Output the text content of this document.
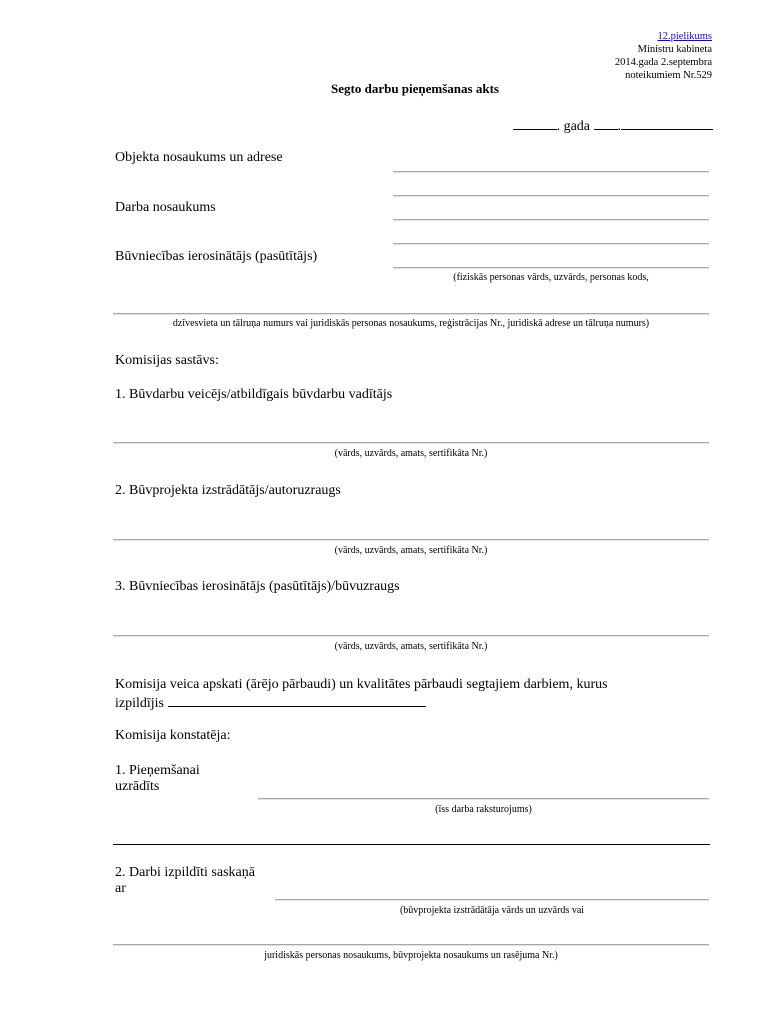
12.pielikums
Ministru kabineta
2014.gada 2.septembra
noteikumiem Nr.529
Segto darbu pieņemšanas akts
. gada .
Objekta nosaukums un adrese
Darba nosaukums
Būvniecības ierosinātājs (pasūtītājs)
(fiziskās personas vārds, uzvārds, personas kods,
dzīvesvieta un tālruņa numurs vai juridiskās personas nosaukums, reģistrācijas Nr., juridiskā adrese un tālruņa numurs)
Komisijas sastāvs:
1. Būvdarbu veicējs/atbildīgais būvdarbu vadītājs
(vārds, uzvārds, amats, sertifikāta Nr.)
2. Būvprojekta izstrādātājs/autoruzraugs
(vārds, uzvārds, amats, sertifikāta Nr.)
3. Būvniecības ierosinātājs (pasūtītājs)/būvuzraugs
(vārds, uzvārds, amats, sertifikāta Nr.)
Komisija veica apskati (ārējo pārbaudi) un kvalitātes pārbaudi segtajiem darbiem, kurus
izpildījis
Komisija konstatēja:
1. Pieņemšanai
uzrādīts
(īss darba raksturojums)
2. Darbi izpildīti saskaņā
ar
(būvprojekta izstrādātāja vārds un uzvārds vai
juridiskās personas nosaukums, būvprojekta nosaukums un rasējuma Nr.)
